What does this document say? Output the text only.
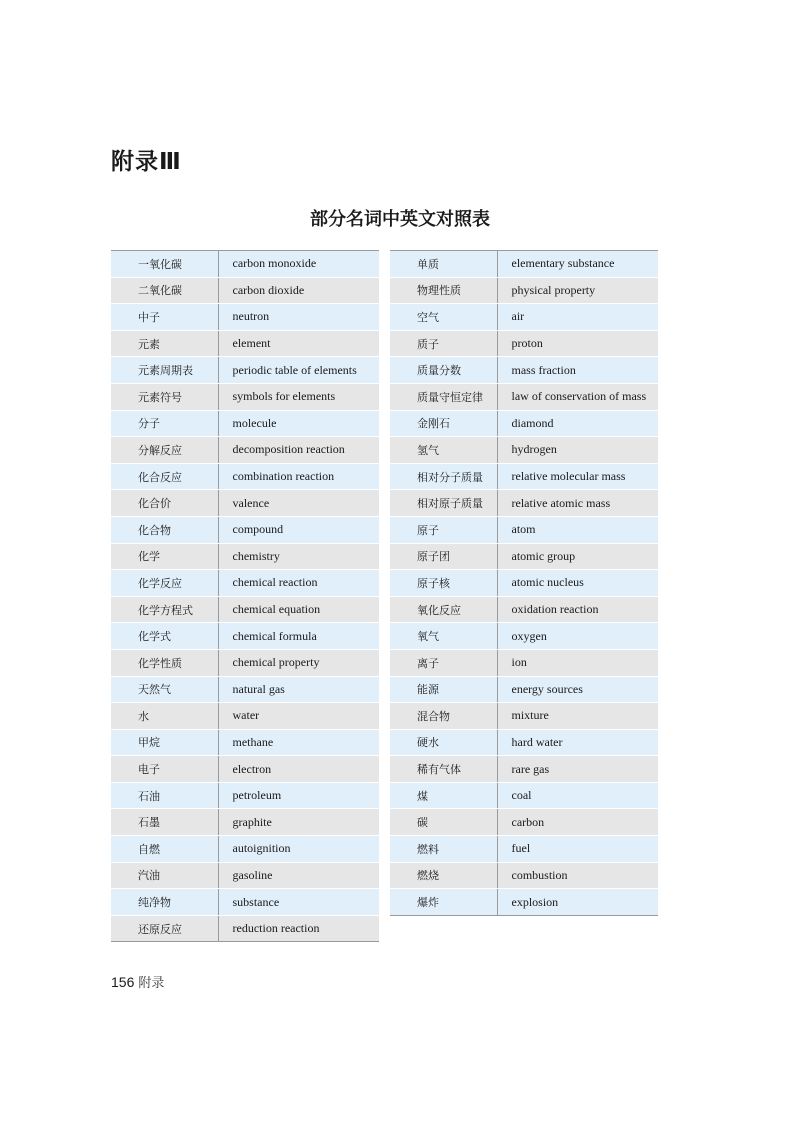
附录Ⅲ
部分名词中英文对照表
一氧化碳	carbon monoxide
二氧化碳	carbon dioxide
中子	neutron
元素	element
元素周期表	periodic table of elements
元素符号	symbols for elements
分子	molecule
分解反应	decomposition reaction
化合反应	combination reaction
化合价	valence
化合物	compound
化学	chemistry
化学反应	chemical reaction
化学方程式	chemical equation
化学式	chemical formula
化学性质	chemical property
天然气	natural gas
水	water
甲烷	methane
电子	electron
石油	petroleum
石墨	graphite
自燃	autoignition
汽油	gasoline
纯净物	substance
还原反应	reduction reaction
单质	elementary substance
物理性质	physical property
空气	air
质子	proton
质量分数	mass fraction
质量守恒定律	law of conservation of mass
金刚石	diamond
氢气	hydrogen
相对分子质量	relative molecular mass
相对原子质量	relative atomic mass
原子	atom
原子团	atomic group
原子核	atomic nucleus
氧化反应	oxidation reaction
氧气	oxygen
离子	ion
能源	energy sources
混合物	mixture
硬水	hard water
稀有气体	rare gas
煤	coal
碳	carbon
燃料	fuel
燃烧	combustion
爆炸	explosion
156 附录
